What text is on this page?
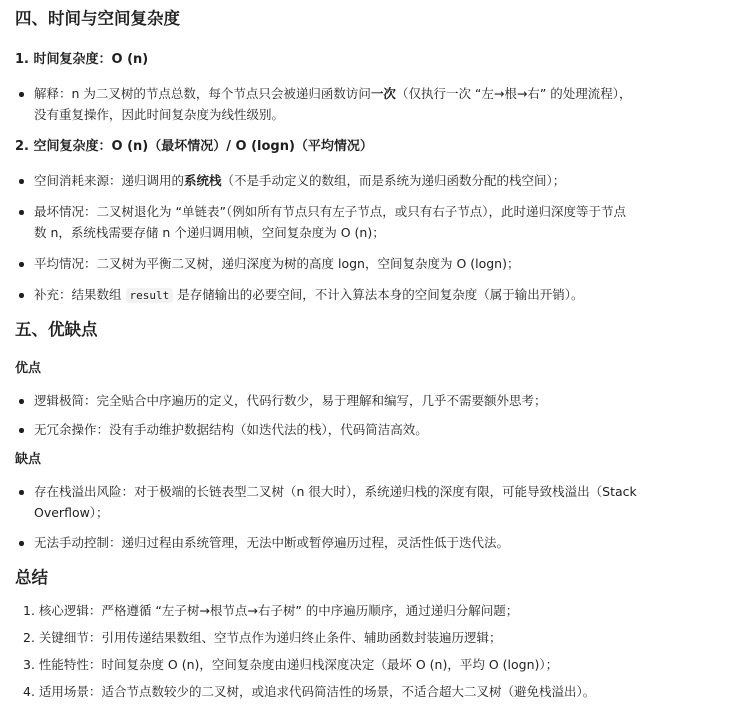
四、时间与空间复杂度
1. 时间复杂度：O (n)
解释：n 为二叉树的节点总数，每个节点只会被递归函数访问一次（仅执行一次 “左→根→右” 的处理流程），
没有重复操作，因此时间复杂度为线性级别。
2. 空间复杂度：O (n)（最坏情况）/ O (logn)（平均情况）
空间消耗来源：递归调用的系统栈（不是手动定义的数组，而是系统为递归函数分配的栈空间）；
最坏情况：二叉树退化为 “单链表”（例如所有节点只有左子节点，或只有右子节点），此时递归深度等于节点
数 n，系统栈需要存储 n 个递归调用帧，空间复杂度为 O (n)；
平均情况：二叉树为平衡二叉树，递归深度为树的高度 logn，空间复杂度为 O (logn)；
补充：结果数组 result 是存储输出的必要空间，不计入算法本身的空间复杂度（属于输出开销）。
五、优缺点
优点
逻辑极简：完全贴合中序遍历的定义，代码行数少，易于理解和编写，几乎不需要额外思考；
无冗余操作：没有手动维护数据结构（如迭代法的栈），代码简洁高效。
缺点
存在栈溢出风险：对于极端的长链表型二叉树（n 很大时），系统递归栈的深度有限，可能导致栈溢出（Stack
Overflow）；
无法手动控制：递归过程由系统管理，无法中断或暂停遍历过程，灵活性低于迭代法。
总结
1. 核心逻辑：严格遵循 “左子树→根节点→右子树” 的中序遍历顺序，通过递归分解问题；
2. 关键细节：引用传递结果数组、空节点作为递归终止条件、辅助函数封装遍历逻辑；
3. 性能特性：时间复杂度 O (n)，空间复杂度由递归栈深度决定（最坏 O (n)，平均 O (logn)）；
4. 适用场景：适合节点数较少的二叉树，或追求代码简洁性的场景，不适合超大二叉树（避免栈溢出）。
